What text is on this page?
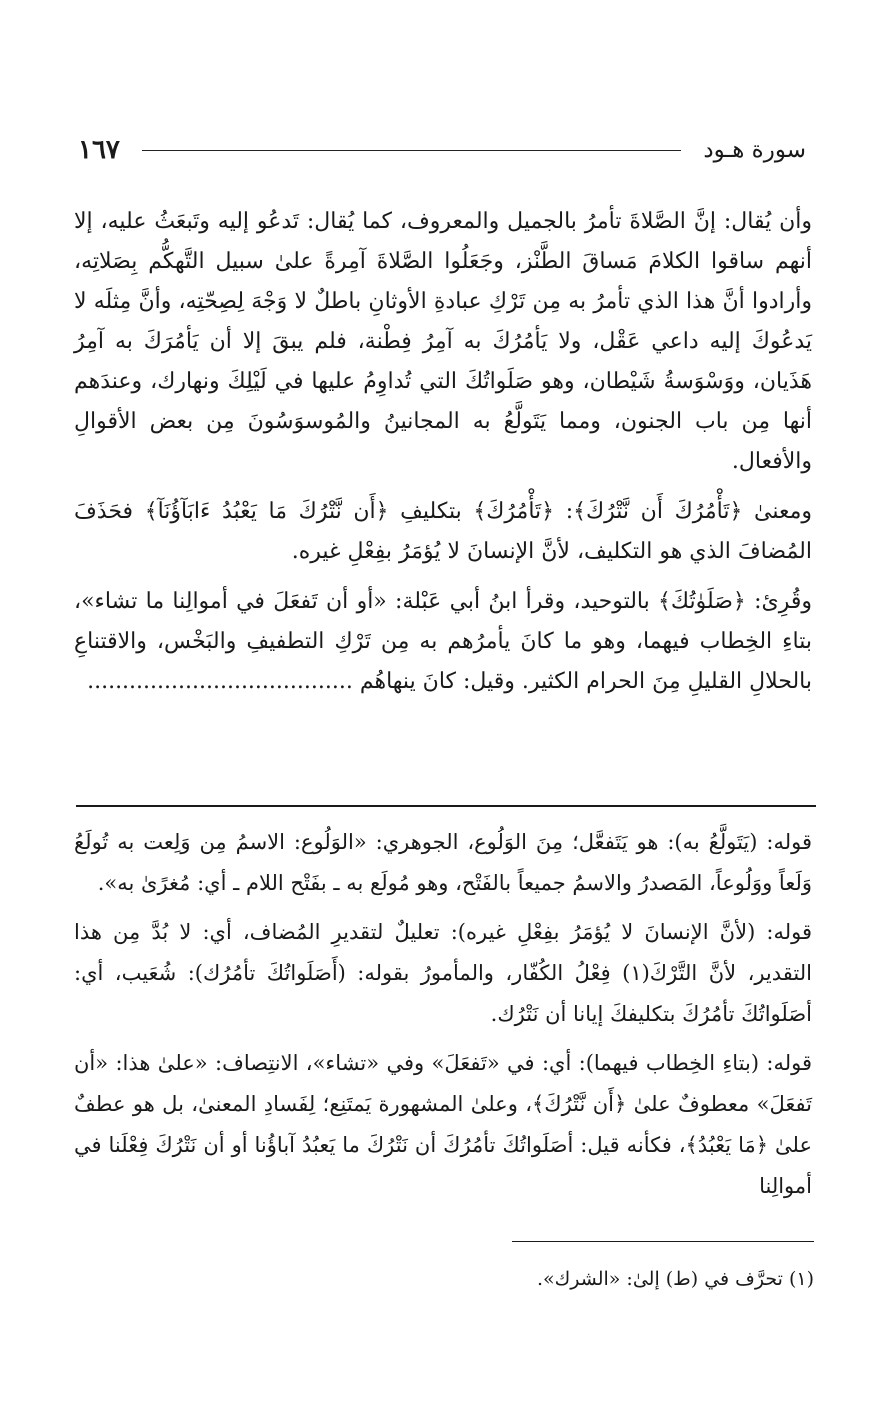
سورة هـود
١٦٧

وأن يُقال: إنَّ الصَّلاةَ تأمرُ بالجميل والمعروف، كما يُقال: تَدعُو إليه وتَبعَثُ عليه، إلا أنهم ساقوا الكلامَ مَساقَ الطَّنْز، وجَعَلُوا الصَّلاةَ آمِرةً علىٰ سبيل التَّهكُّم بِصَلاتِه، وأرادوا أنَّ هذا الذي تأمرُ به مِن تَرْكِ عبادةِ الأوثانِ باطلٌ لا وَجْهَ لِصِحّتِه، وأنَّ مِثلَه لا يَدعُوكَ إليه داعي عَقْل، ولا يَأمُرُكَ به آمِرُ فِطْنة، فلم يبقَ إلا أن يَأمُرَكَ به آمِرُ هَذَيان، ووَسْوَسةُ شَيْطان، وهو صَلَواتُكَ التي تُداوِمُ عليها في لَيْلِكَ ونهارك، وعندَهم أنها مِن باب الجنون، ومما يَتَولَّعُ به المجانينُ والمُوسوَسُونَ مِن بعض الأقوالِ والأفعال.

ومعنىٰ ﴿تَأْمُرُكَ أَن نَّتْرُكَ﴾: ﴿تَأْمُرُكَ﴾ بتكليفِ ﴿أَن نَّتْرُكَ مَا يَعْبُدُ ءَابَآؤُنَآ﴾ فحَذَفَ المُضافَ الذي هو التكليف، لأنَّ الإنسانَ لا يُؤمَرُ بفِعْلِ غيره.

وقُرِئ: ﴿صَلَوٰتُكَ﴾ بالتوحيد، وقرأ ابنُ أبي عَبْلة: «أو أن تَفعَلَ في أموالِنا ما تشاء»، بتاءِ الخِطاب فيهما، وهو ما كانَ يأمرُهم به مِن تَرْكِ التطفيفِ والبَخْس، والاقتناعِ بالحلالِ القليلِ مِنَ الحرام الكثير. وقيل: كانَ ينهاهُم ......................................

قوله: (يَتَولَّعُ به): هو يَتَفعَّل؛ مِنَ الوَلُوع، الجوهري: «الوَلُوع: الاسمُ مِن وَلِعت به تُولَعُ وَلَعاً ووَلُوعاً، المَصدرُ والاسمُ جميعاً بالفَتْح، وهو مُولَع به ـ بفَتْح اللام ـ أي: مُغرًىٰ به».

قوله: (لأنَّ الإنسانَ لا يُؤمَرُ بفِعْلِ غيره): تعليلٌ لتقديرِ المُضاف، أي: لا بُدَّ مِن هذا التقدير، لأنَّ التَّرْكَ(١) فِعْلُ الكُفّار، والمأمورُ بقوله: (أَصَلَواتُكَ تأمُرُك): شُعَيب، أي: أصَلَواتُكَ تأمُرُكَ بتكليفكَ إيانا أن نَتْرُك.

قوله: (بتاءِ الخِطاب فيهما): أي: في «تَفعَلَ» وفي «تشاء»، الانتِصاف: «علىٰ هذا: «أن تَفعَلَ» معطوفٌ علىٰ ﴿أَن نَّتْرُكَ﴾، وعلىٰ المشهورة يَمتَنِع؛ لِفَسادِ المعنىٰ، بل هو عطفٌ علىٰ ﴿مَا يَعْبُدُ﴾، فكأنه قيل: أصَلَواتُكَ تأمُرُكَ أن نَتْرُكَ ما يَعبُدُ آباؤُنا أو أن نَتْرُكَ فِعْلَنا في أموالِنا

(١) تحرَّف في (ط) إلىٰ: «الشرك».
